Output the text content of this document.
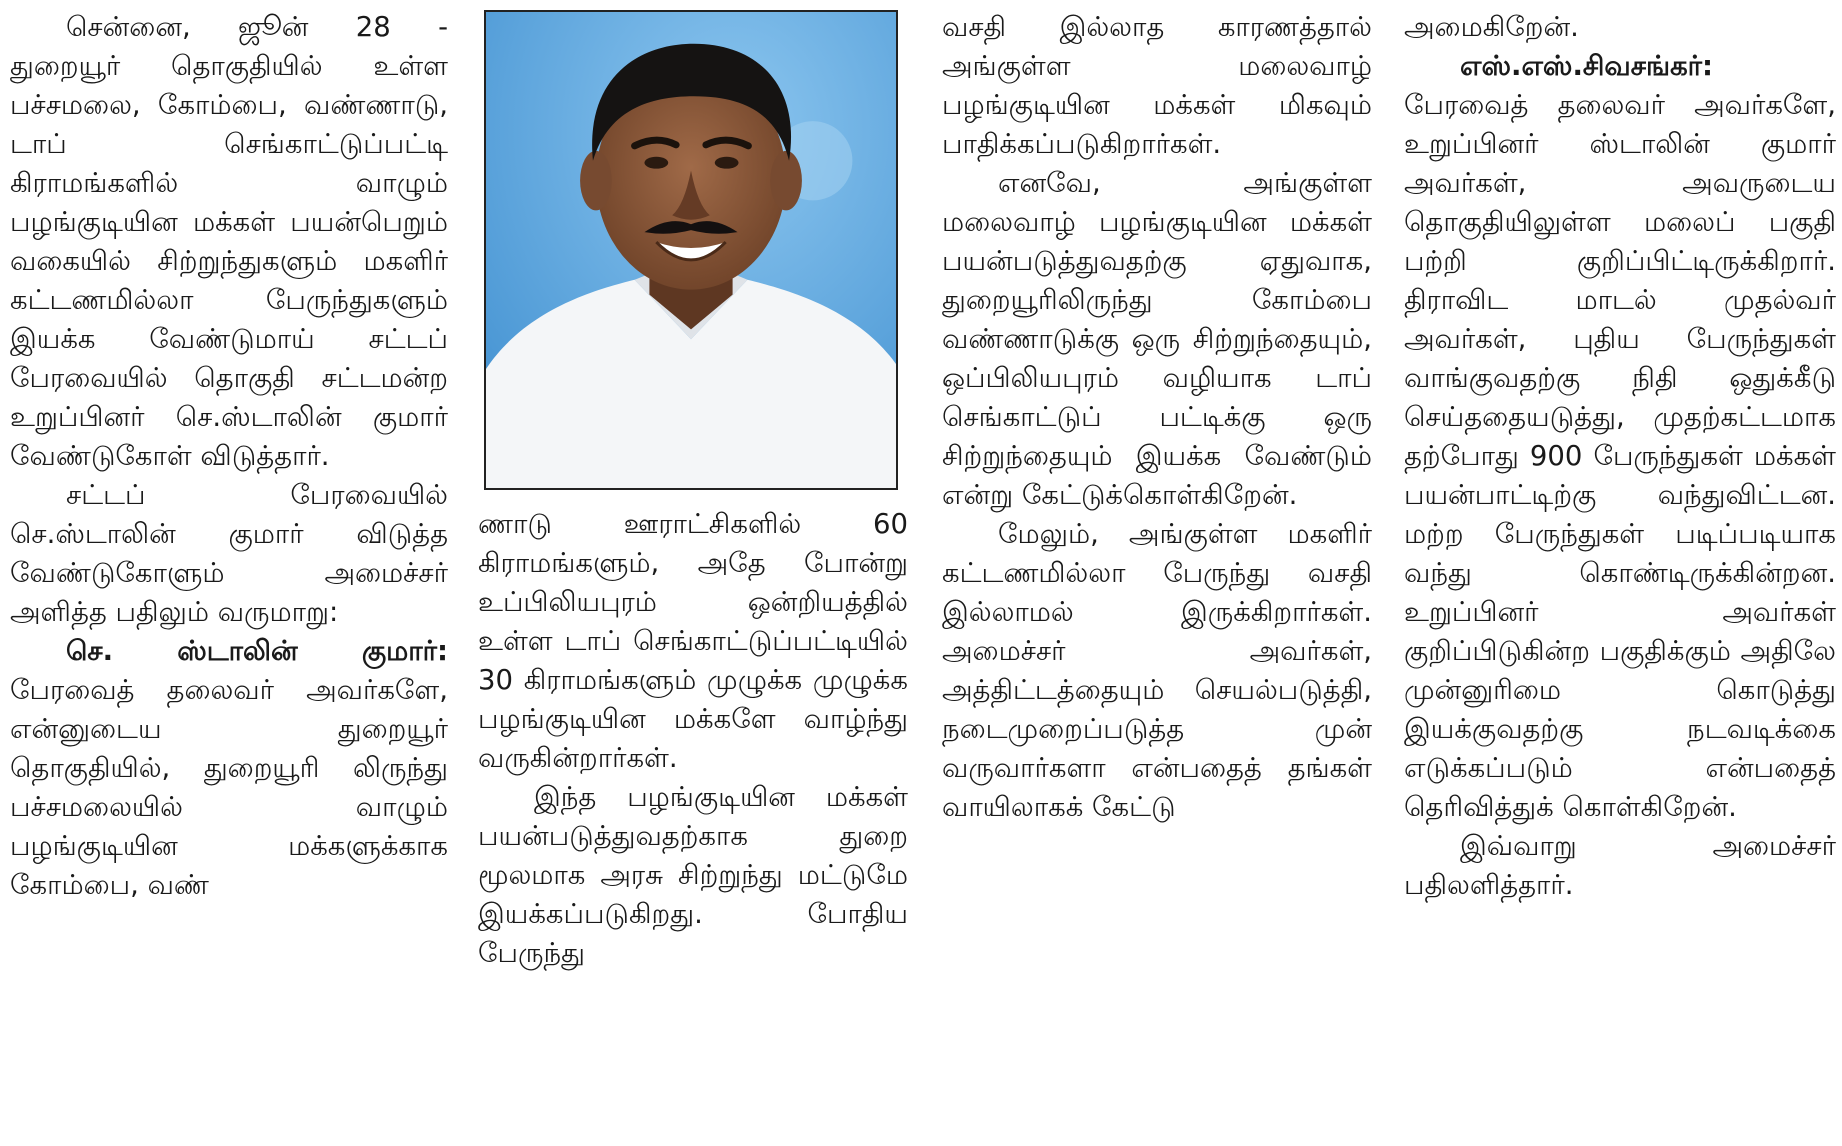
சென்னை, ஜூன் 28 - துறையூர் தொகுதியில் உள்ள பச்சமலை, கோம்பை, வண்ணாடு, டாப் செங்காட்டுப்பட்டி கிராமங்களில் வாழும் பழங்குடியின மக்கள் பயன்பெறும் வகையில் சிற்றுந்துகளும் மகளிர் கட்டணமில்லா பேருந்துகளும் இயக்க வேண்டுமாய் சட்டப் பேரவையில் தொகுதி சட்டமன்ற உறுப்பினர் செ.ஸ்டாலின் குமார் வேண்டுகோள் விடுத்தார்.

சட்டப் பேரவையில் செ.ஸ்டாலின் குமார் விடுத்த வேண்டுகோளும் அமைச்சர் அளித்த பதிலும் வருமாறு:

செ. ஸ்டாலின் குமார்: பேரவைத் தலைவர் அவர்களே, என்னுடைய துறையூர் தொகுதியில், துறையூரி லிருந்து பச்சமலையில் வாழும் பழங்குடியின மக்களுக்காக கோம்பை, வண்

ணாடு ஊராட்சிகளில் 60 கிராமங்களும், அதே போன்று உப்பிலியபுரம் ஒன்றியத்தில் உள்ள டாப் செங்காட்டுப்பட்டியில் 30 கிராமங்களும் முழுக்க முழுக்க பழங்குடியின மக்களே வாழ்ந்து வருகின்றார்கள்.

இந்த பழங்குடியின மக்கள் பயன்படுத்துவதற்காக துறை மூலமாக அரசு சிற்றுந்து மட்டுமே இயக்கப்படுகிறது. போதிய பேருந்து

வசதி இல்லாத காரணத்தால் அங்குள்ள மலைவாழ் பழங்குடியின மக்கள் மிகவும் பாதிக்கப்படுகிறார்கள்.

எனவே, அங்குள்ள மலைவாழ் பழங்குடியின மக்கள் பயன்படுத்துவதற்கு ஏதுவாக, துறையூரிலிருந்து கோம்பை வண்ணாடுக்கு ஒரு சிற்றுந்தையும், ஒப்பிலியபுரம் வழியாக டாப் செங்காட்டுப் பட்டிக்கு ஒரு சிற்றுந்தையும் இயக்க வேண்டும் என்று கேட்டுக்கொள்கிறேன்.

மேலும், அங்குள்ள மகளிர் கட்டணமில்லா பேருந்து வசதி இல்லாமல் இருக்கிறார்கள். அமைச்சர் அவர்கள், அத்திட்டத்தையும் செயல்படுத்தி, நடைமுறைப்படுத்த முன் வருவார்களா என்பதைத் தங்கள் வாயிலாகக் கேட்டு

அமைகிறேன்.

எஸ்.எஸ்.சிவசங்கர்: பேரவைத் தலைவர் அவர்களே, உறுப்பினர் ஸ்டாலின் குமார் அவர்கள், அவருடைய தொகுதியிலுள்ள மலைப் பகுதி பற்றி குறிப்பிட்டிருக்கிறார். திராவிட மாடல் முதல்வர் அவர்கள், புதிய பேருந்துகள் வாங்குவதற்கு நிதி ஒதுக்கீடு செய்ததையடுத்து, முதற்கட்டமாக தற்போது 900 பேருந்துகள் மக்கள் பயன்பாட்டிற்கு வந்துவிட்டன. மற்ற பேருந்துகள் படிப்படியாக வந்து கொண்டிருக்கின்றன. உறுப்பினர் அவர்கள் குறிப்பிடுகின்ற பகுதிக்கும் அதிலே முன்னுரிமை கொடுத்து இயக்குவதற்கு நடவடிக்கை எடுக்கப்படும் என்பதைத் தெரிவித்துக் கொள்கிறேன்.

இவ்வாறு அமைச்சர் பதிலளித்தார்.
